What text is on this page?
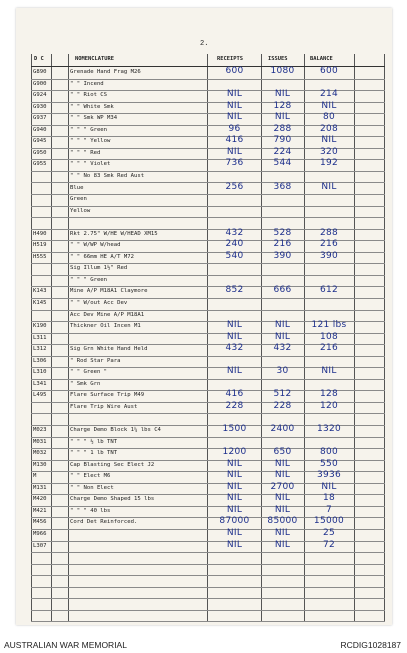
2.
D C	NOMENCLATURE	RECEIPTS	ISSUES	BALANCE
G890	Grenade Hand Frag M26	600	1080	600
G900	" " Incend
G924	" " Riot CS	NIL	NIL	214
G930	" " White Smk	NIL	128	NIL
G937	" " Smk WP M34	NIL	NIL	80
G940	" " " Green	96	288	208
G945	" " " Yellow	416	790	NIL
G950	" " " Red	NIL	224	320
G955	" " " Violet	736	544	192
" " No 83 Smk Red Aust
Blue	256	368	NIL
Green
Yellow
H490	Rkt 2.75" W/HE W/HEAD XM15	432	528	288
H519	" " W/WP W/head	240	216	216
H555	" " 66mm HE A/T M72	540	390	390
Sig Illum 1½" Red
" " " Green
K143	Mine A/P M18A1 Claymore	852	666	612
K145	" " W/out Acc Dev
Acc Dev Mine A/P M18A1
K190	Thickner Oil Incen M1	NIL	NIL	121 lbs
L311	NIL	NIL	108
L312	Sig Grn White Hand Held	432	432	216
L306	" Rod Star Para
L310	" " Green "	NIL	30	NIL
L341	" Smk Grn
L495	Flare Surface Trip M49	416	512	128
Flare Trip Wire Aust	228	228	120
M023	Charge Demo Block 1¼ lbs C4	1500	2400	1320
M031	" " " ½ lb TNT
M032	" " " 1 lb TNT	1200	650	800
M130	Cap Blasting Sec Elect J2	NIL	NIL	550
M	" " Elect M6	NIL	NIL	3936
M131	" " Non Elect	NIL	2700	NIL
M420	Charge Demo Shaped 15 lbs	NIL	NIL	18
M421	" " " 40 lbs	NIL	NIL	7
M456	Cord Det Reinforced.	87000	85000	15000
M966	NIL	NIL	25
L307	NIL	NIL	72
AUSTRALIAN WAR MEMORIAL	RCDIG1028187
